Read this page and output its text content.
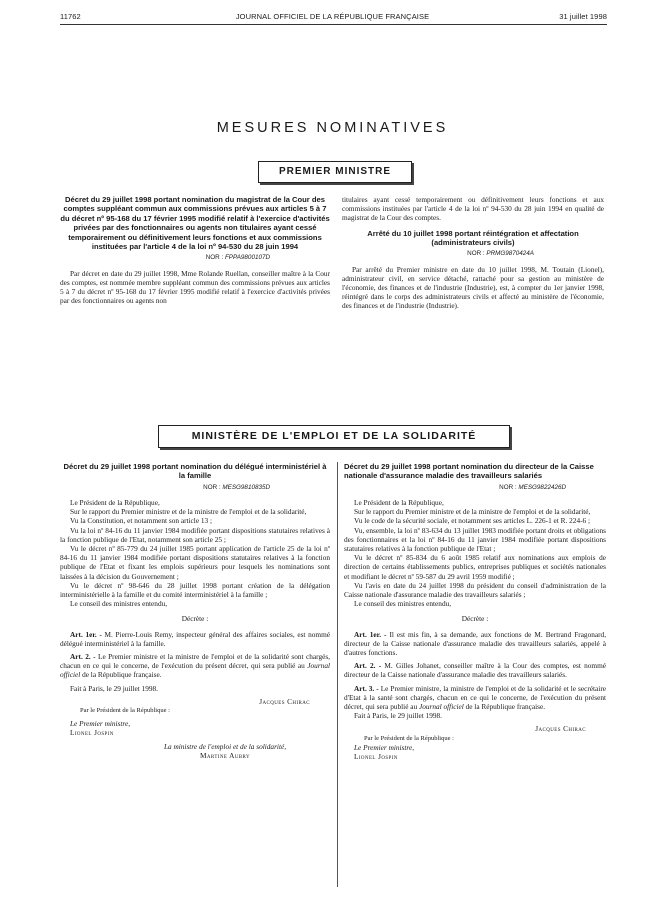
11762	JOURNAL OFFICIEL DE LA RÉPUBLIQUE FRANÇAISE	31 juillet 1998
MESURES NOMINATIVES
PREMIER MINISTRE
Décret du 29 juillet 1998 portant nomination du magistrat de la Cour des comptes suppléant commun aux commissions prévues aux articles 5 à 7 du décret nº 95-168 du 17 février 1995 modifié relatif à l'exercice d'activités privées par des fonctionnaires ou agents non titulaires ayant cessé temporairement ou définitivement leurs fonctions et aux commissions instituées par l'article 4 de la loi nº 94-530 du 28 juin 1994
NOR : FPPA9800107D

Par décret en date du 29 juillet 1998, Mme Rolande Ruellan, conseiller maître à la Cour des comptes, est nommée membre suppléant commun des commissions prévues aux articles 5 à 7 du décret nº 95-168 du 17 février 1995 modifié relatif à l'exercice d'activités privées par des fonctionnaires ou agents non

titulaires ayant cessé temporairement ou définitivement leurs fonctions et aux commissions instituées par l'article 4 de la loi nº 94-530 du 28 juin 1994 en qualité de magistrat de la Cour des comptes.

Arrêté du 10 juillet 1998 portant réintégration et affectation (administrateurs civils)
NOR : PRMG9870424A

Par arrêté du Premier ministre en date du 10 juillet 1998, M. Toutain (Lionel), administrateur civil, en service détaché, rattaché pour sa gestion au ministère de l'économie, des finances et de l'industrie (Industrie), est, à compter du 1er janvier 1998, réintégré dans le corps des administrateurs civils et affecté au ministère de l'économie, des finances et de l'industrie (Industrie).

MINISTÈRE DE L'EMPLOI ET DE LA SOLIDARITÉ
Décret du 29 juillet 1998 portant nomination du délégué interministériel à la famille
NOR : MESG9810835D

Le Président de la République,

Sur le rapport du Premier ministre et de la ministre de l'emploi et de la solidarité,

Vu la Constitution, et notamment son article 13 ;

Vu la loi nº 84-16 du 11 janvier 1984 modifiée portant dispositions statutaires relatives à la fonction publique de l'Etat, notamment son article 25 ;

Vu le décret nº 85-779 du 24 juillet 1985 portant application de l'article 25 de la loi nº 84-16 du 11 janvier 1984 modifiée portant dispositions statutaires relatives à la fonction publique de l'Etat et fixant les emplois supérieurs pour lesquels les nominations sont laissées à la décision du Gouvernement ;

Vu le décret nº 98-646 du 28 juillet 1998 portant création de la délégation interministérielle à la famille et du comité interministériel à la famille ;

Le conseil des ministres entendu,

Décrète :

Art. 1er. - M. Pierre-Louis Remy, inspecteur général des affaires sociales, est nommé délégué interministériel à la famille.

Art. 2. - Le Premier ministre et la ministre de l'emploi et de la solidarité sont chargés, chacun en ce qui le concerne, de l'exécution du présent décret, qui sera publié au Journal officiel de la République française.

Fait à Paris, le 29 juillet 1998.

Jacques Chirac

Par le Président de la République :

Le Premier ministre,

Lionel Jospin

La ministre de l'emploi et de la solidarité,

Martine Aubry

Décret du 29 juillet 1998 portant nomination du directeur de la Caisse nationale d'assurance maladie des travailleurs salariés
NOR : MESG9822426D

Le Président de la République,

Sur le rapport du Premier ministre et de la ministre de l'emploi et de la solidarité,

Vu le code de la sécurité sociale, et notamment ses articles L. 226-1 et R. 224-6 ;

Vu, ensemble, la loi nº 83-634 du 13 juillet 1983 modifiée portant droits et obligations des fonctionnaires et la loi nº 84-16 du 11 janvier 1984 modifiée portant dispositions statutaires relatives à la fonction publique de l'Etat ;

Vu le décret nº 85-834 du 6 août 1985 relatif aux nominations aux emplois de direction de certains établissements publics, entreprises publiques et sociétés nationales et modifiant le décret nº 59-587 du 29 avril 1959 modifié ;

Vu l'avis en date du 24 juillet 1998 du président du conseil d'administration de la Caisse nationale d'assurance maladie des travailleurs salariés ;

Le conseil des ministres entendu,

Décrète :

Art. 1er. - Il est mis fin, à sa demande, aux fonctions de M. Bertrand Fragonard, directeur de la Caisse nationale d'assurance maladie des travailleurs salariés, appelé à d'autres fonctions.

Art. 2. - M. Gilles Johanet, conseiller maître à la Cour des comptes, est nommé directeur de la Caisse nationale d'assurance maladie des travailleurs salariés.

Art. 3. - Le Premier ministre, la ministre de l'emploi et de la solidarité et le secrétaire d'Etat à la santé sont chargés, chacun en ce qui le concerne, de l'exécution du présent décret, qui sera publié au Journal officiel de la République française.

Fait à Paris, le 29 juillet 1998.

Jacques Chirac

Par le Président de la République :

Le Premier ministre,

Lionel Jospin
